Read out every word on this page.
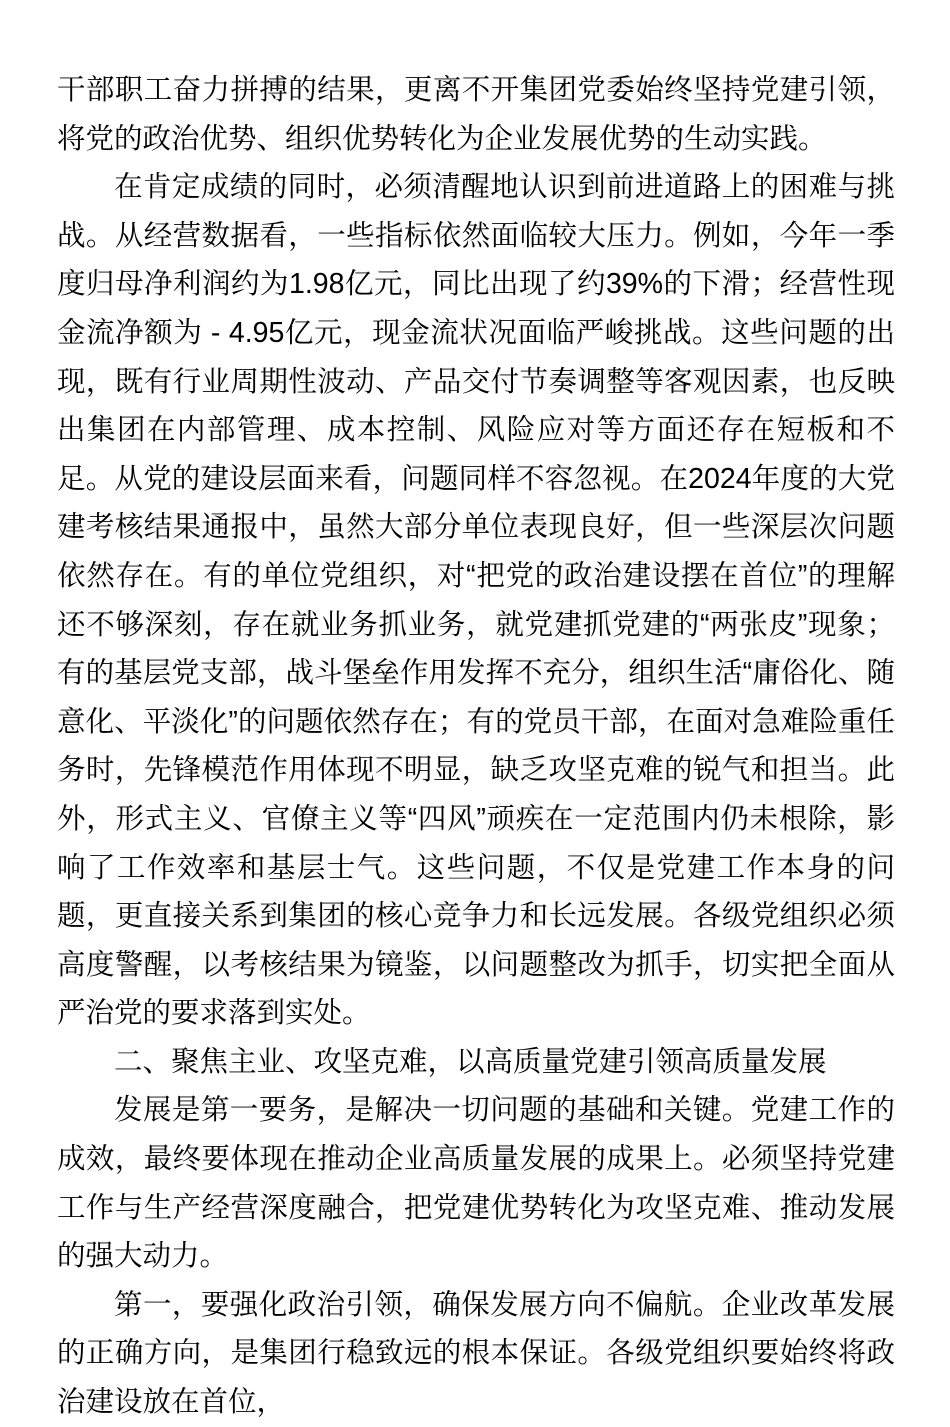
干部职工奋力拼搏的结果，更离不开集团党委始终坚持党建引领，将党的政治优势、组织优势转化为企业发展优势的生动实践。

在肯定成绩的同时，必须清醒地认识到前进道路上的困难与挑战。从经营数据看，一些指标依然面临较大压力。例如，今年一季度归母净利润约为1.98亿元，同比出现了约39%的下滑；经营性现金流净额为 - 4.95亿元，现金流状况面临严峻挑战。这些问题的出现，既有行业周期性波动、产品交付节奏调整等客观因素，也反映出集团在内部管理、成本控制、风险应对等方面还存在短板和不足。从党的建设层面来看，问题同样不容忽视。在2024年度的大党建考核结果通报中，虽然大部分单位表现良好，但一些深层次问题依然存在。有的单位党组织，对“把党的政治建设摆在首位”的理解还不够深刻，存在就业务抓业务，就党建抓党建的“两张皮”现象；有的基层党支部，战斗堡垒作用发挥不充分，组织生活“庸俗化、随意化、平淡化”的问题依然存在；有的党员干部，在面对急难险重任务时，先锋模范作用体现不明显，缺乏攻坚克难的锐气和担当。此外，形式主义、官僚主义等“四风”顽疾在一定范围内仍未根除，影响了工作效率和基层士气。这些问题，不仅是党建工作本身的问题，更直接关系到集团的核心竞争力和长远发展。各级党组织必须高度警醒，以考核结果为镜鉴，以问题整改为抓手，切实把全面从严治党的要求落到实处。

二、聚焦主业、攻坚克难，以高质量党建引领高质量发展

发展是第一要务，是解决一切问题的基础和关键。党建工作的成效，最终要体现在推动企业高质量发展的成果上。必须坚持党建工作与生产经营深度融合，把党建优势转化为攻坚克难、推动发展的强大动力。

第一，要强化政治引领，确保发展方向不偏航。企业改革发展的正确方向，是集团行稳致远的根本保证。各级党组织要始终将政治建设放在首位，
